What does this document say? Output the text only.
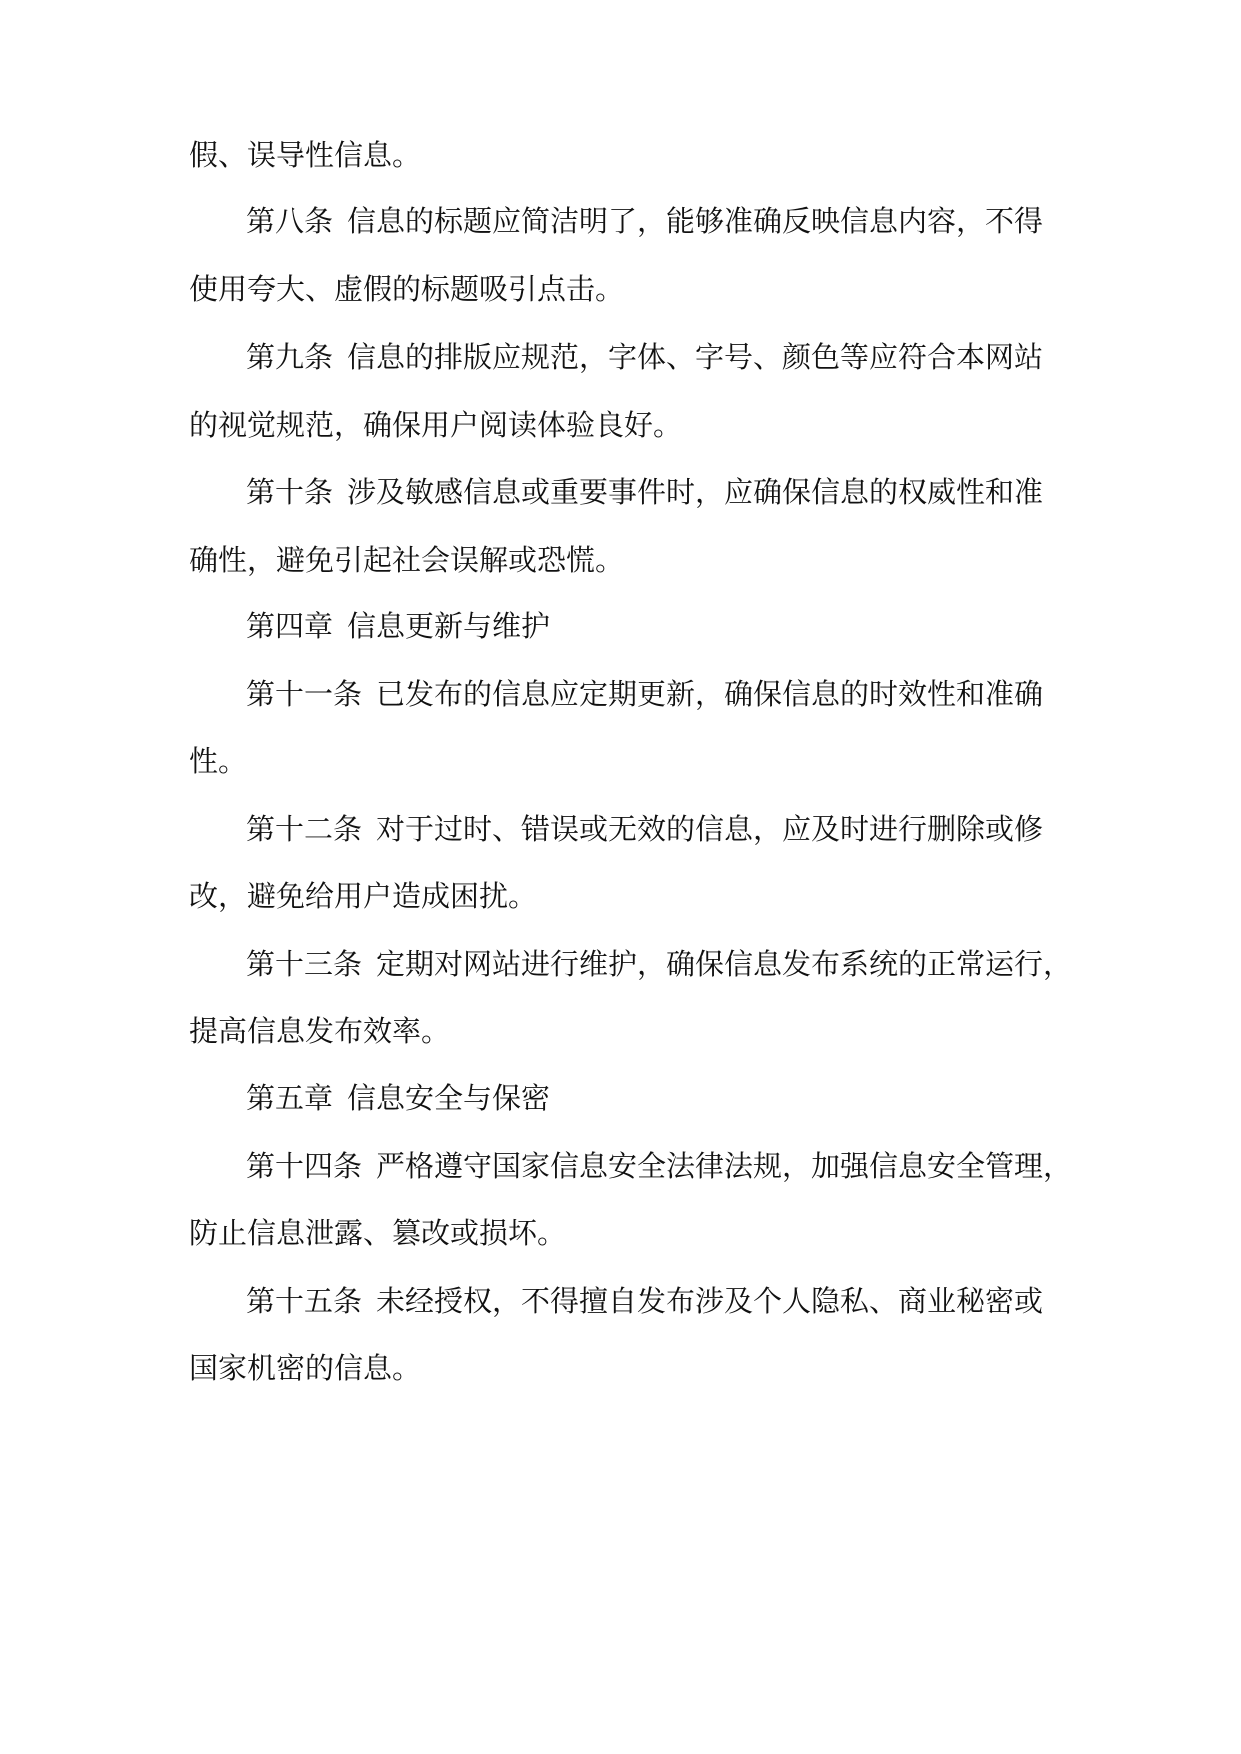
假、误导性信息。
第八条 信息的标题应简洁明了，能够准确反映信息内容，不得
使用夸大、虚假的标题吸引点击。
第九条 信息的排版应规范，字体、字号、颜色等应符合本网站
的视觉规范，确保用户阅读体验良好。
第十条 涉及敏感信息或重要事件时，应确保信息的权威性和准
确性，避免引起社会误解或恐慌。
第四章 信息更新与维护
第十一条 已发布的信息应定期更新，确保信息的时效性和准确
性。
第十二条 对于过时、错误或无效的信息，应及时进行删除或修
改，避免给用户造成困扰。
第十三条 定期对网站进行维护，确保信息发布系统的正常运行，
提高信息发布效率。
第五章 信息安全与保密
第十四条 严格遵守国家信息安全法律法规，加强信息安全管理，
防止信息泄露、篡改或损坏。
第十五条 未经授权，不得擅自发布涉及个人隐私、商业秘密或
国家机密的信息。
